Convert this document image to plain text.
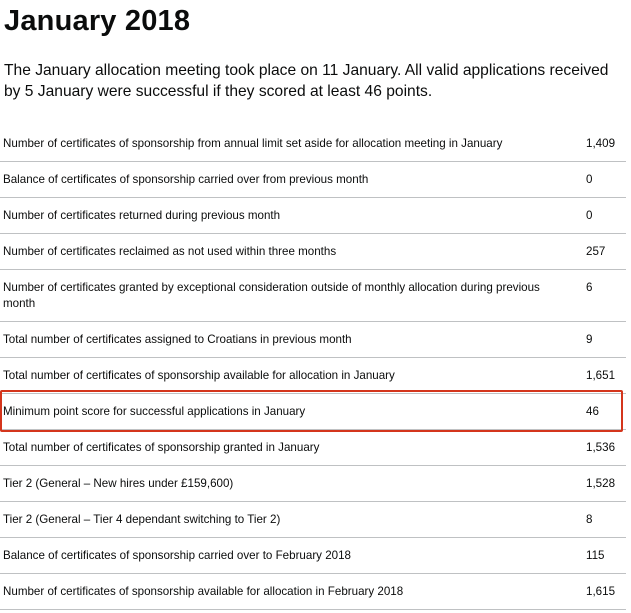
January 2018

The January allocation meeting took place on 11 January. All valid applications received by 5 January were successful if they scored at least 46 points.

Number of certificates of sponsorship from annual limit set aside for allocation meeting in January	1,409
Balance of certificates of sponsorship carried over from previous month	0
Number of certificates returned during previous month	0
Number of certificates reclaimed as not used within three months	257
Number of certificates granted by exceptional consideration outside of monthly allocation during previous month	6
Total number of certificates assigned to Croatians in previous month	9
Total number of certificates of sponsorship available for allocation in January	1,651
Minimum point score for successful applications in January	46
Total number of certificates of sponsorship granted in January	1,536
Tier 2 (General – New hires under £159,600)	1,528
Tier 2 (General – Tier 4 dependant switching to Tier 2)	8
Balance of certificates of sponsorship carried over to February 2018	115
Number of certificates of sponsorship available for allocation in February 2018	1,615
